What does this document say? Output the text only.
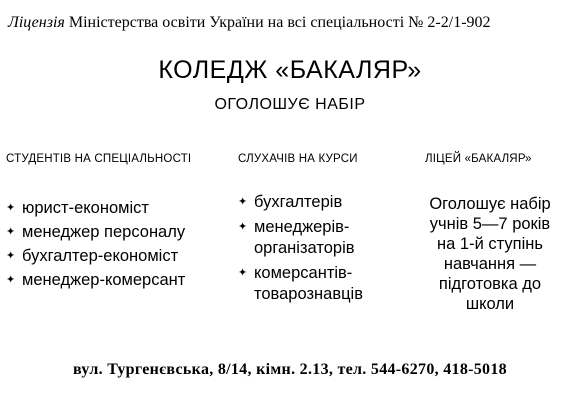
Ліцензія Міністерства освіти України на всі спеціальності № 2-2/1-902
КОЛЕДЖ «БАКАЛЯР»
ОГОЛОШУЄ НАБІР
СТУДЕНТІВ НА СПЕЦІАЛЬНОСТІ	СЛУХАЧІВ НА КУРСИ	ЛІЦЕЙ «БАКАЛЯР»
✦ юрист-економіст
✦ менеджер персоналу
✦ бухгалтер-економіст
✦ менеджер-комерсант
✦ бухгалтерів
✦ менеджерів-
організаторів
✦ комерсантів-
товарознавців
Оголошує набір
учнів 5—7 років
на 1-й ступінь
навчання —
підготовка до
школи
вул. Тургенєвська, 8/14, кімн. 2.13, тел. 544-6270, 418-5018
